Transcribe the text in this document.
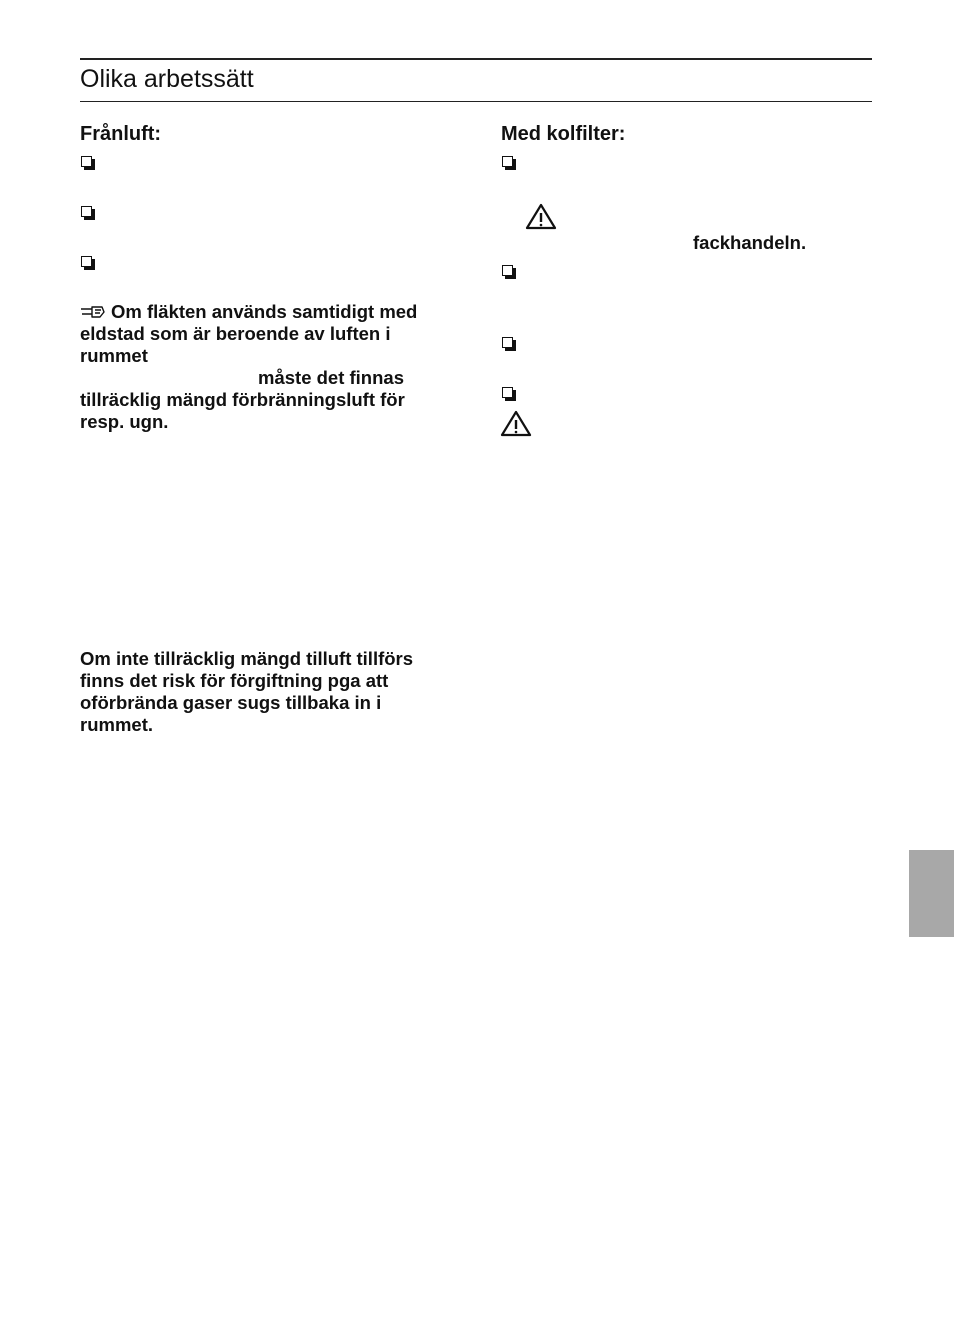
Olika arbetssätt
Frånluft:

Om fläkten används samtidigt med

eldstad som är beroende av luften i

rummet

måste det finnas

tillräcklig mängd förbränningsluft för

resp. ugn.

Om inte tillräcklig mängd tilluft tillförs

finns det risk för förgiftning pga att

oförbrända gaser sugs tillbaka in i

rummet.

Med kolfilter:

fackhandeln.
